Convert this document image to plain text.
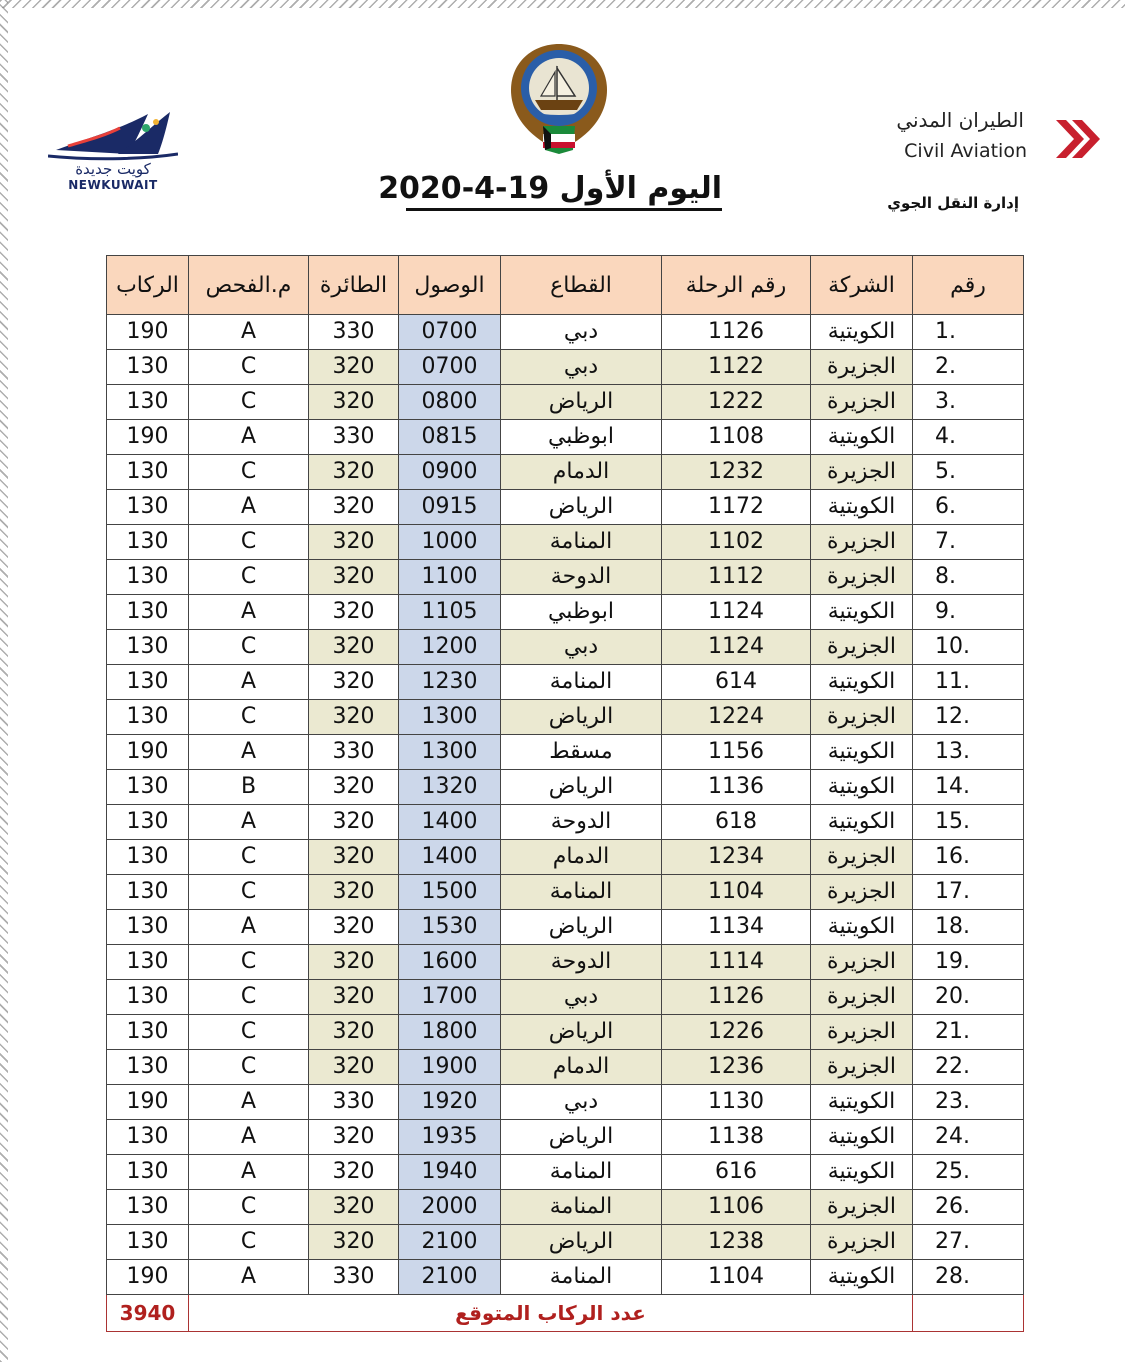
كويت جديدة
NEWKUWAIT
الطيران المدني
Civil Aviation
إدارة النقل الجوي
اليوم الأول 19-4-2020
رقم	الشركة	رقم الرحلة	القطاع	الوصول	الطائرة	م.الفحص	الركاب
1.	الكويتية	1126	دبي	0700	330	A	190
2.	الجزيرة	1122	دبي	0700	320	C	130
3.	الجزيرة	1222	الرياض	0800	320	C	130
4.	الكويتية	1108	ابوظبي	0815	330	A	190
5.	الجزيرة	1232	الدمام	0900	320	C	130
6.	الكويتية	1172	الرياض	0915	320	A	130
7.	الجزيرة	1102	المنامة	1000	320	C	130
8.	الجزيرة	1112	الدوحة	1100	320	C	130
9.	الكويتية	1124	ابوظبي	1105	320	A	130
10.	الجزيرة	1124	دبي	1200	320	C	130
11.	الكويتية	614	المنامة	1230	320	A	130
12.	الجزيرة	1224	الرياض	1300	320	C	130
13.	الكويتية	1156	مسقط	1300	330	A	190
14.	الكويتية	1136	الرياض	1320	320	B	130
15.	الكويتية	618	الدوحة	1400	320	A	130
16.	الجزيرة	1234	الدمام	1400	320	C	130
17.	الجزيرة	1104	المنامة	1500	320	C	130
18.	الكويتية	1134	الرياض	1530	320	A	130
19.	الجزيرة	1114	الدوحة	1600	320	C	130
20.	الجزيرة	1126	دبي	1700	320	C	130
21.	الجزيرة	1226	الرياض	1800	320	C	130
22.	الجزيرة	1236	الدمام	1900	320	C	130
23.	الكويتية	1130	دبي	1920	330	A	190
24.	الكويتية	1138	الرياض	1935	320	A	130
25.	الكويتية	616	المنامة	1940	320	A	130
26.	الجزيرة	1106	المنامة	2000	320	C	130
27.	الجزيرة	1238	الرياض	2100	320	C	130
28.	الكويتية	1104	المنامة	2100	330	A	190
	عدد الركاب المتوقع						3940
